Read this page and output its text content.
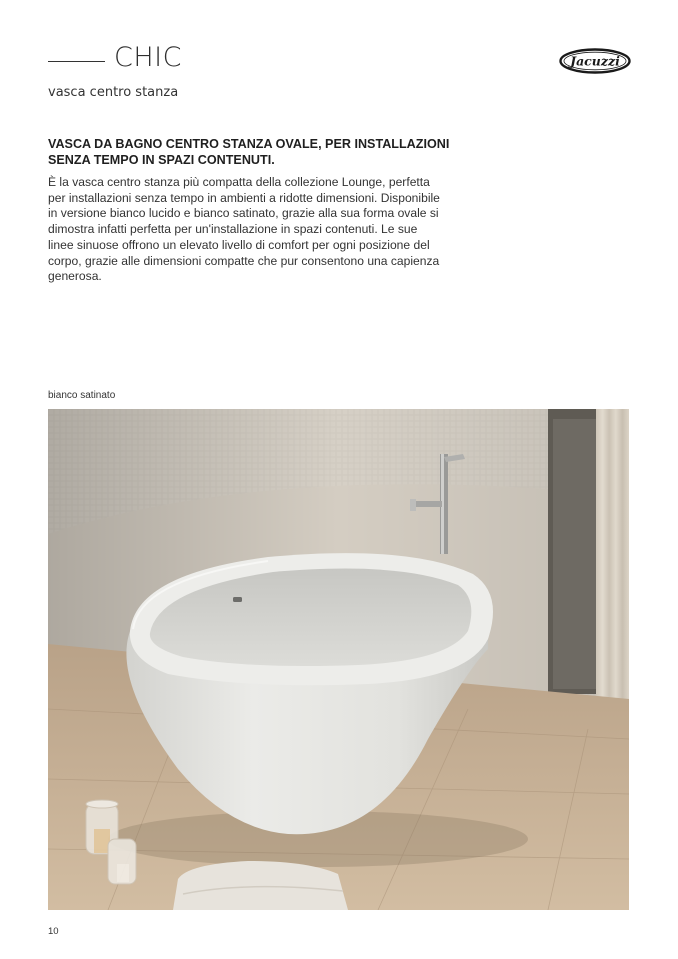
CHIC
vasca centro stanza
Jacuzzi

VASCA DA BAGNO CENTRO STANZA OVALE, PER INSTALLAZIONI SENZA TEMPO IN SPAZI CONTENUTI.

È la vasca centro stanza più compatta della collezione Lounge, perfetta per installazioni senza tempo in ambienti a ridotte dimensioni. Disponibile in versione bianco lucido e bianco satinato, grazie alla sua forma ovale si dimostra infatti perfetta per un'installazione in spazi contenuti. Le sue linee sinuose offrono un elevato livello di comfort per ogni posizione del corpo, grazie alle dimensioni compatte che pur consentono una capienza generosa.

bianco satinato
10
